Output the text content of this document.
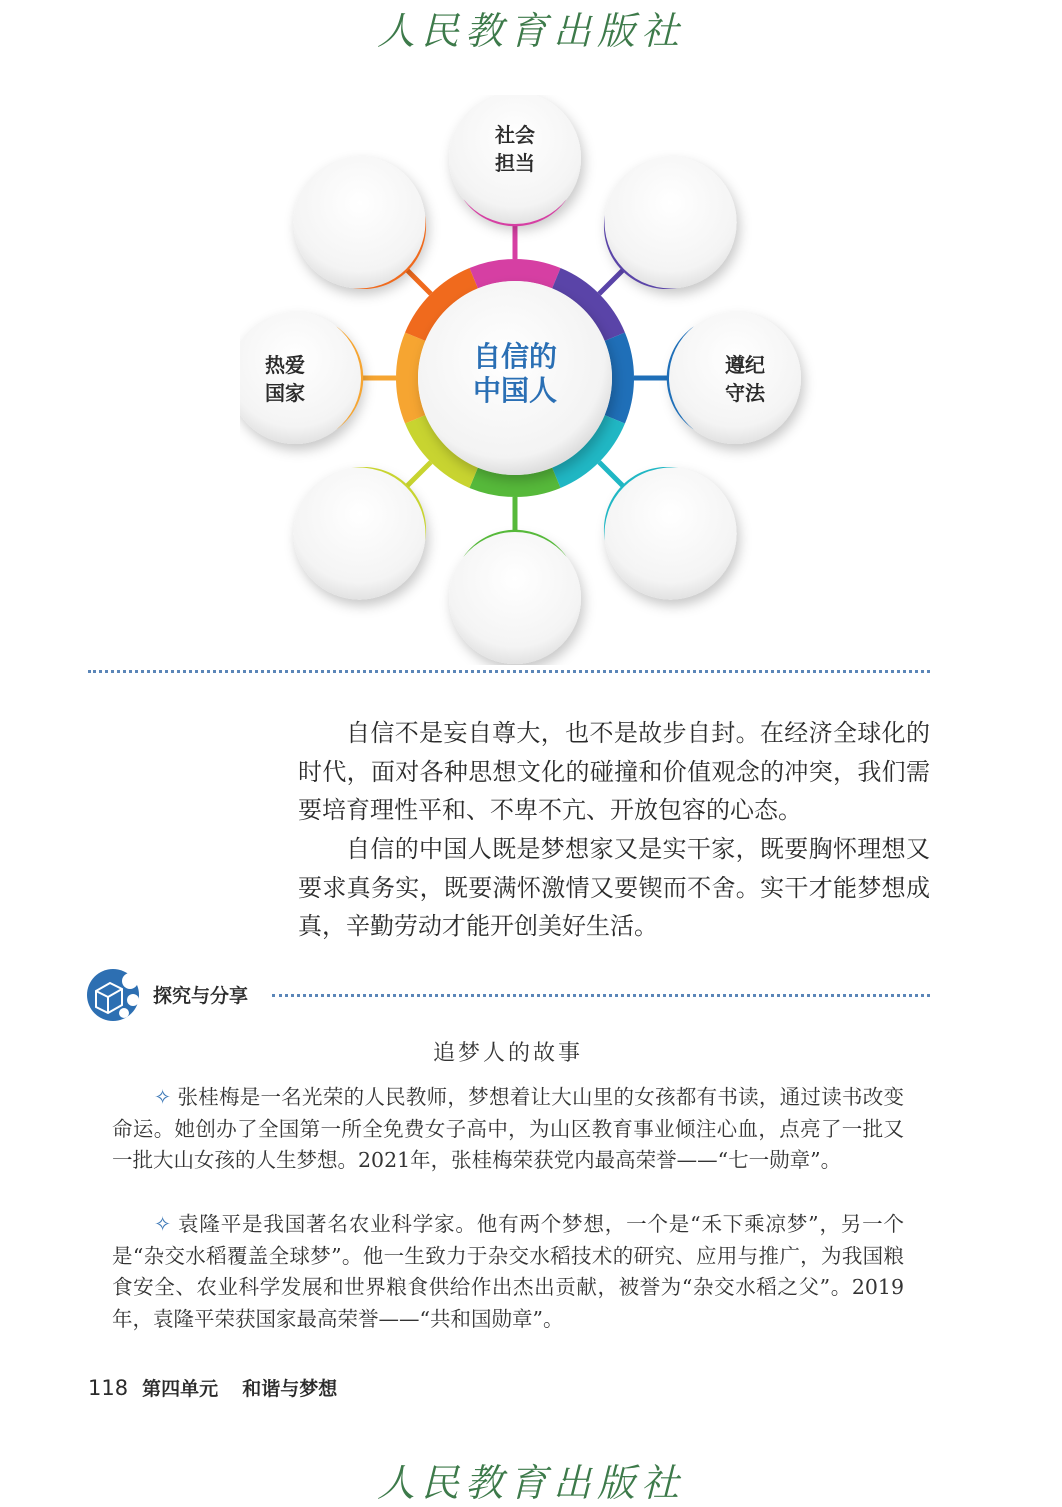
人民教育出版社
社会
担当
遵纪
守法
热爱
国家
自信的
中国人

自信不是妄自尊大，也不是故步自封。在经济全球化的时代，面对各种思想文化的碰撞和价值观念的冲突，我们需要培育理性平和、不卑不亢、开放包容的心态。

自信的中国人既是梦想家又是实干家，既要胸怀理想又要求真务实，既要满怀激情又要锲而不舍。实干才能梦想成真，辛勤劳动才能开创美好生活。

探究与分享
追梦人的故事

✧ 张桂梅是一名光荣的人民教师，梦想着让大山里的女孩都有书读，通过读书改变命运。她创办了全国第一所全免费女子高中，为山区教育事业倾注心血，点亮了一批又一批大山女孩的人生梦想。2021年，张桂梅荣获党内最高荣誉——“七一勋章”。

✧ 袁隆平是我国著名农业科学家。他有两个梦想，一个是“禾下乘凉梦”，另一个是“杂交水稻覆盖全球梦”。他一生致力于杂交水稻技术的研究、应用与推广，为我国粮食安全、农业科学发展和世界粮食供给作出杰出贡献，被誉为“杂交水稻之父”。2019年，袁隆平荣获国家最高荣誉——“共和国勋章”。

118 第四单元 和谐与梦想
人民教育出版社
